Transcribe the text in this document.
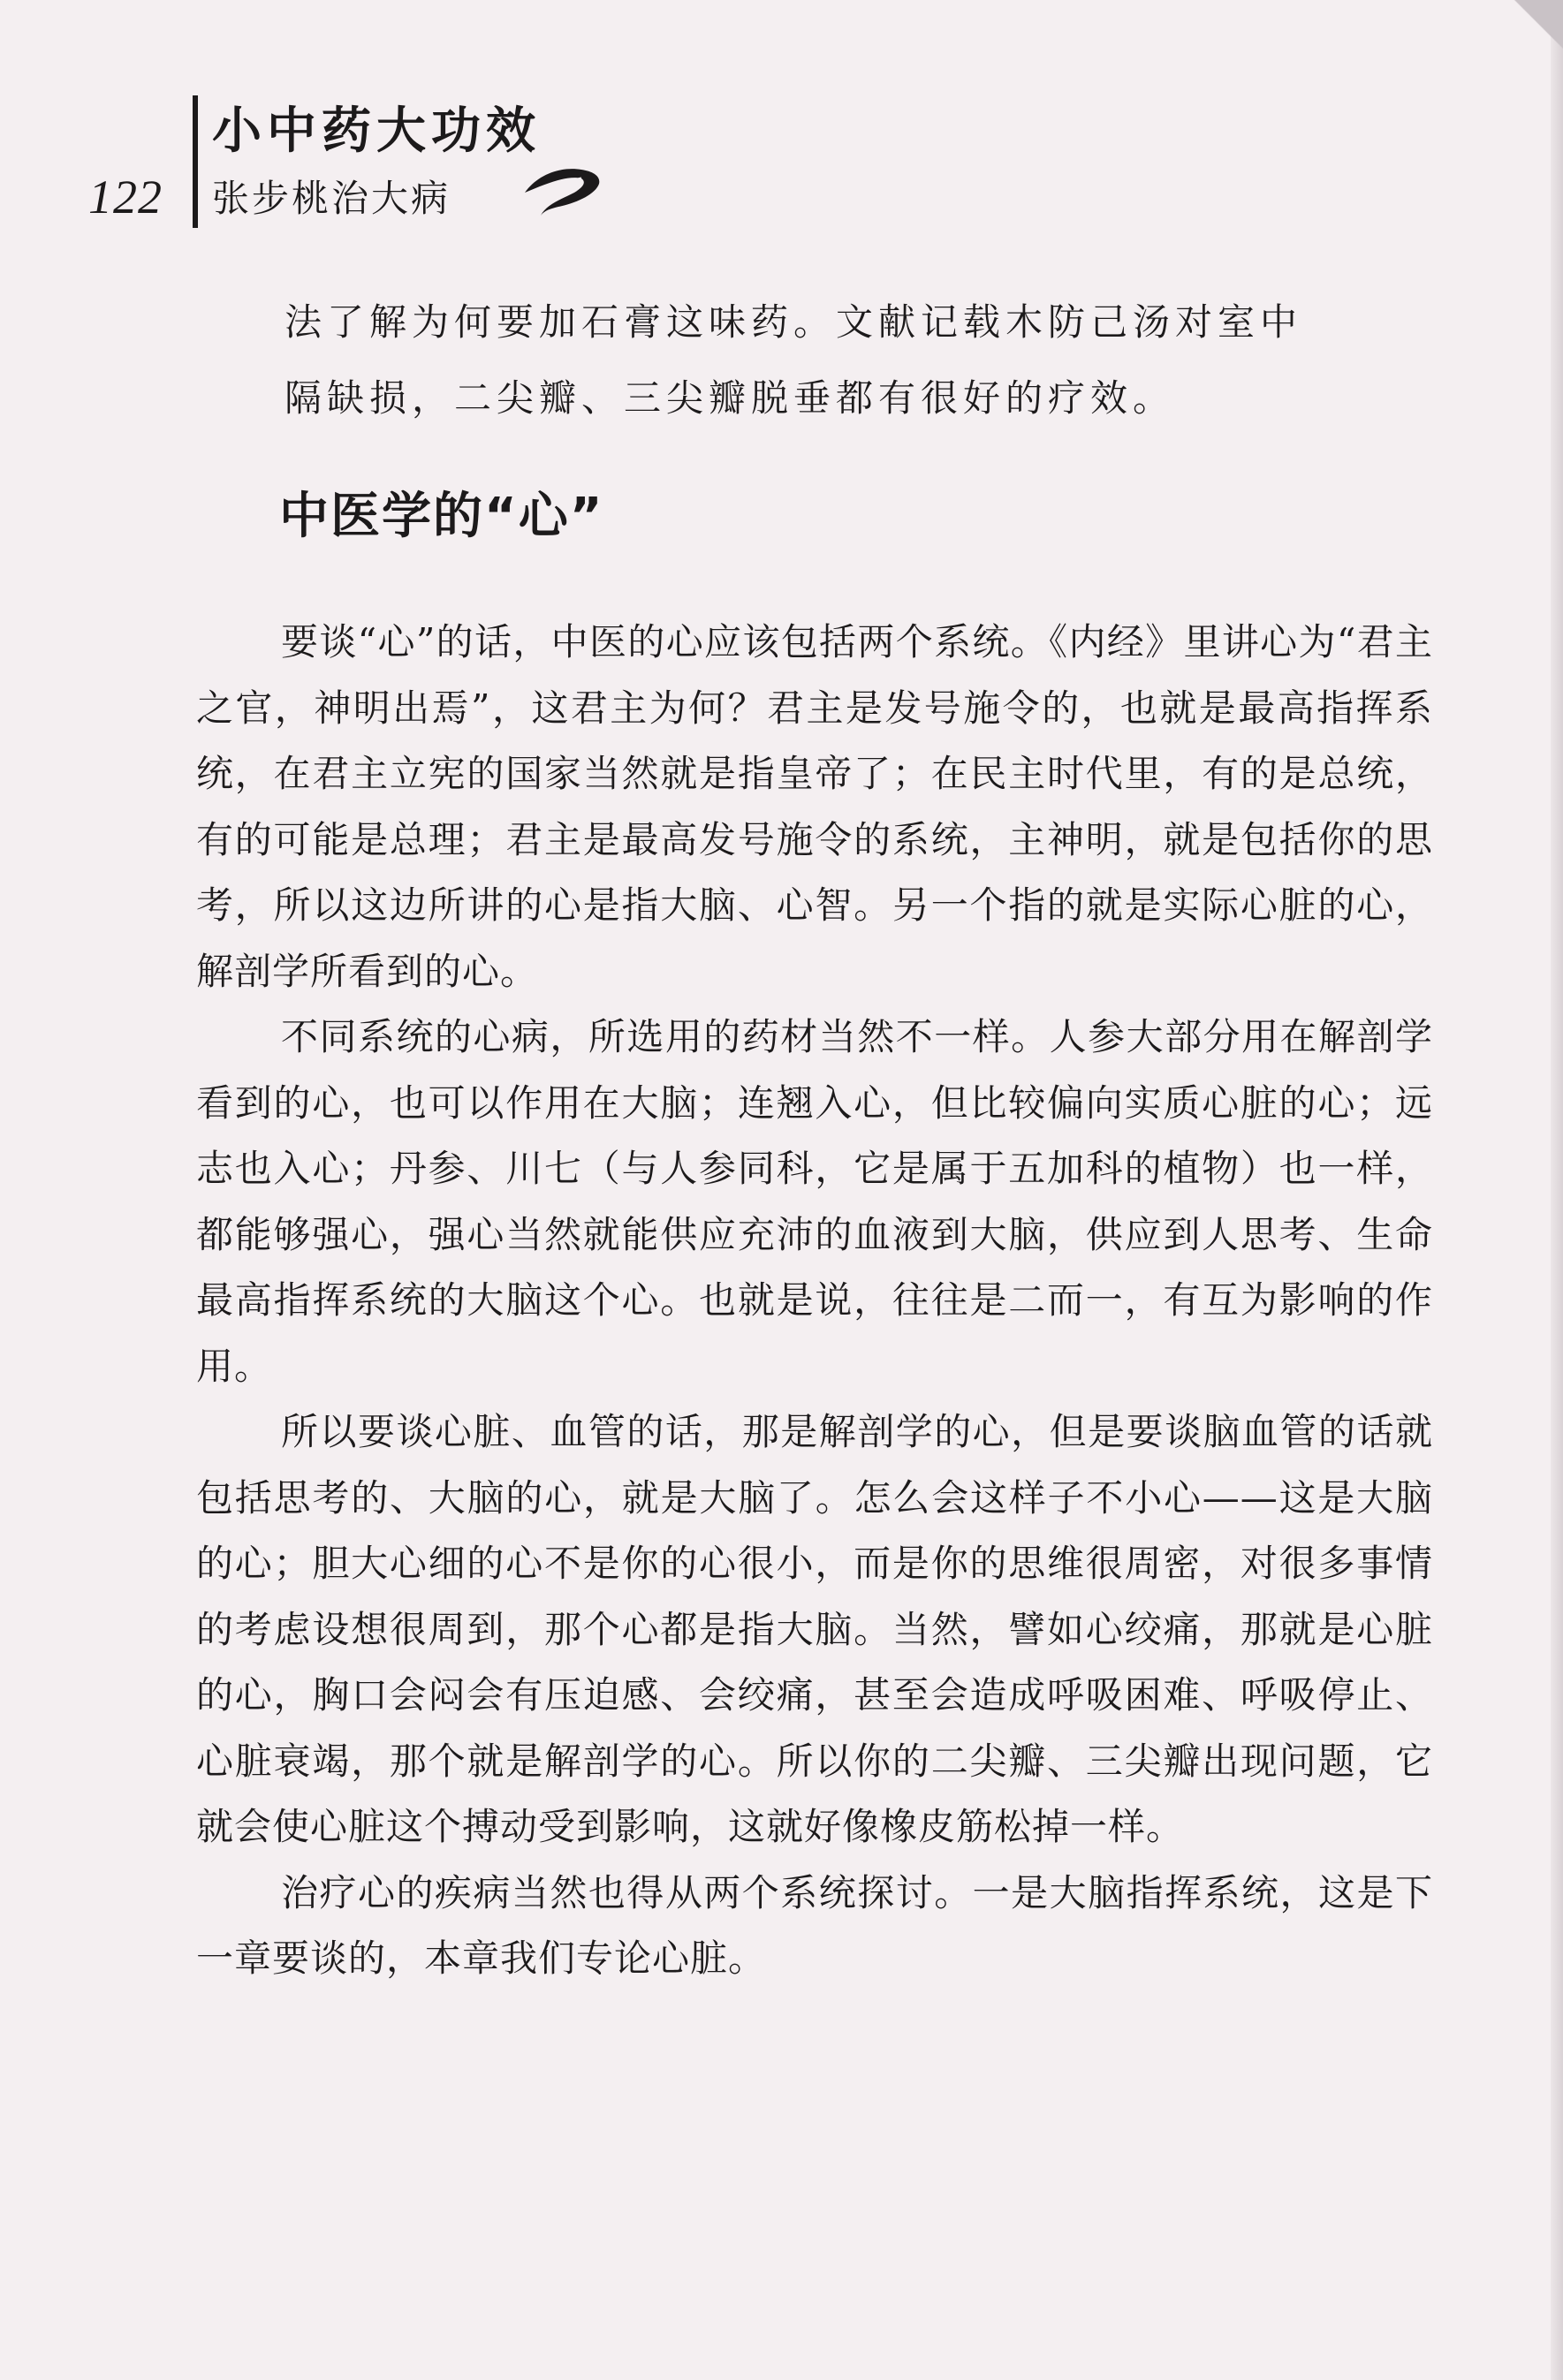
122
小中药大功效
张步桃治大病

法了解为何要加石膏这味药。文献记载木防己汤对室中

隔缺损，二尖瓣、三尖瓣脱垂都有很好的疗效。

中医学的“心”

要谈“心”的话，中医的心应该包括两个系统。《内经》里讲心为“君主之官，神明出焉”，这君主为何？君主是发号施令的，也就是最高指挥系统，在君主立宪的国家当然就是指皇帝了；在民主时代里，有的是总统，有的可能是总理；君主是最高发号施令的系统，主神明，就是包括你的思考，所以这边所讲的心是指大脑、心智。另一个指的就是实际心脏的心，解剖学所看到的心。

不同系统的心病，所选用的药材当然不一样。人参大部分用在解剖学看到的心，也可以作用在大脑；连翘入心，但比较偏向实质心脏的心；远志也入心；丹参、川七（与人参同科，它是属于五加科的植物）也一样，都能够强心，强心当然就能供应充沛的血液到大脑，供应到人思考、生命最高指挥系统的大脑这个心。也就是说，往往是二而一，有互为影响的作用。

所以要谈心脏、血管的话，那是解剖学的心，但是要谈脑血管的话就包括思考的、大脑的心，就是大脑了。怎么会这样子不小心——这是大脑的心；胆大心细的心不是你的心很小，而是你的思维很周密，对很多事情的考虑设想很周到，那个心都是指大脑。当然，譬如心绞痛，那就是心脏的心，胸口会闷会有压迫感、会绞痛，甚至会造成呼吸困难、呼吸停止、心脏衰竭，那个就是解剖学的心。所以你的二尖瓣、三尖瓣出现问题，它就会使心脏这个搏动受到影响，这就好像橡皮筋松掉一样。

治疗心的疾病当然也得从两个系统探讨。一是大脑指挥系统，这是下一章要谈的，本章我们专论心脏。
